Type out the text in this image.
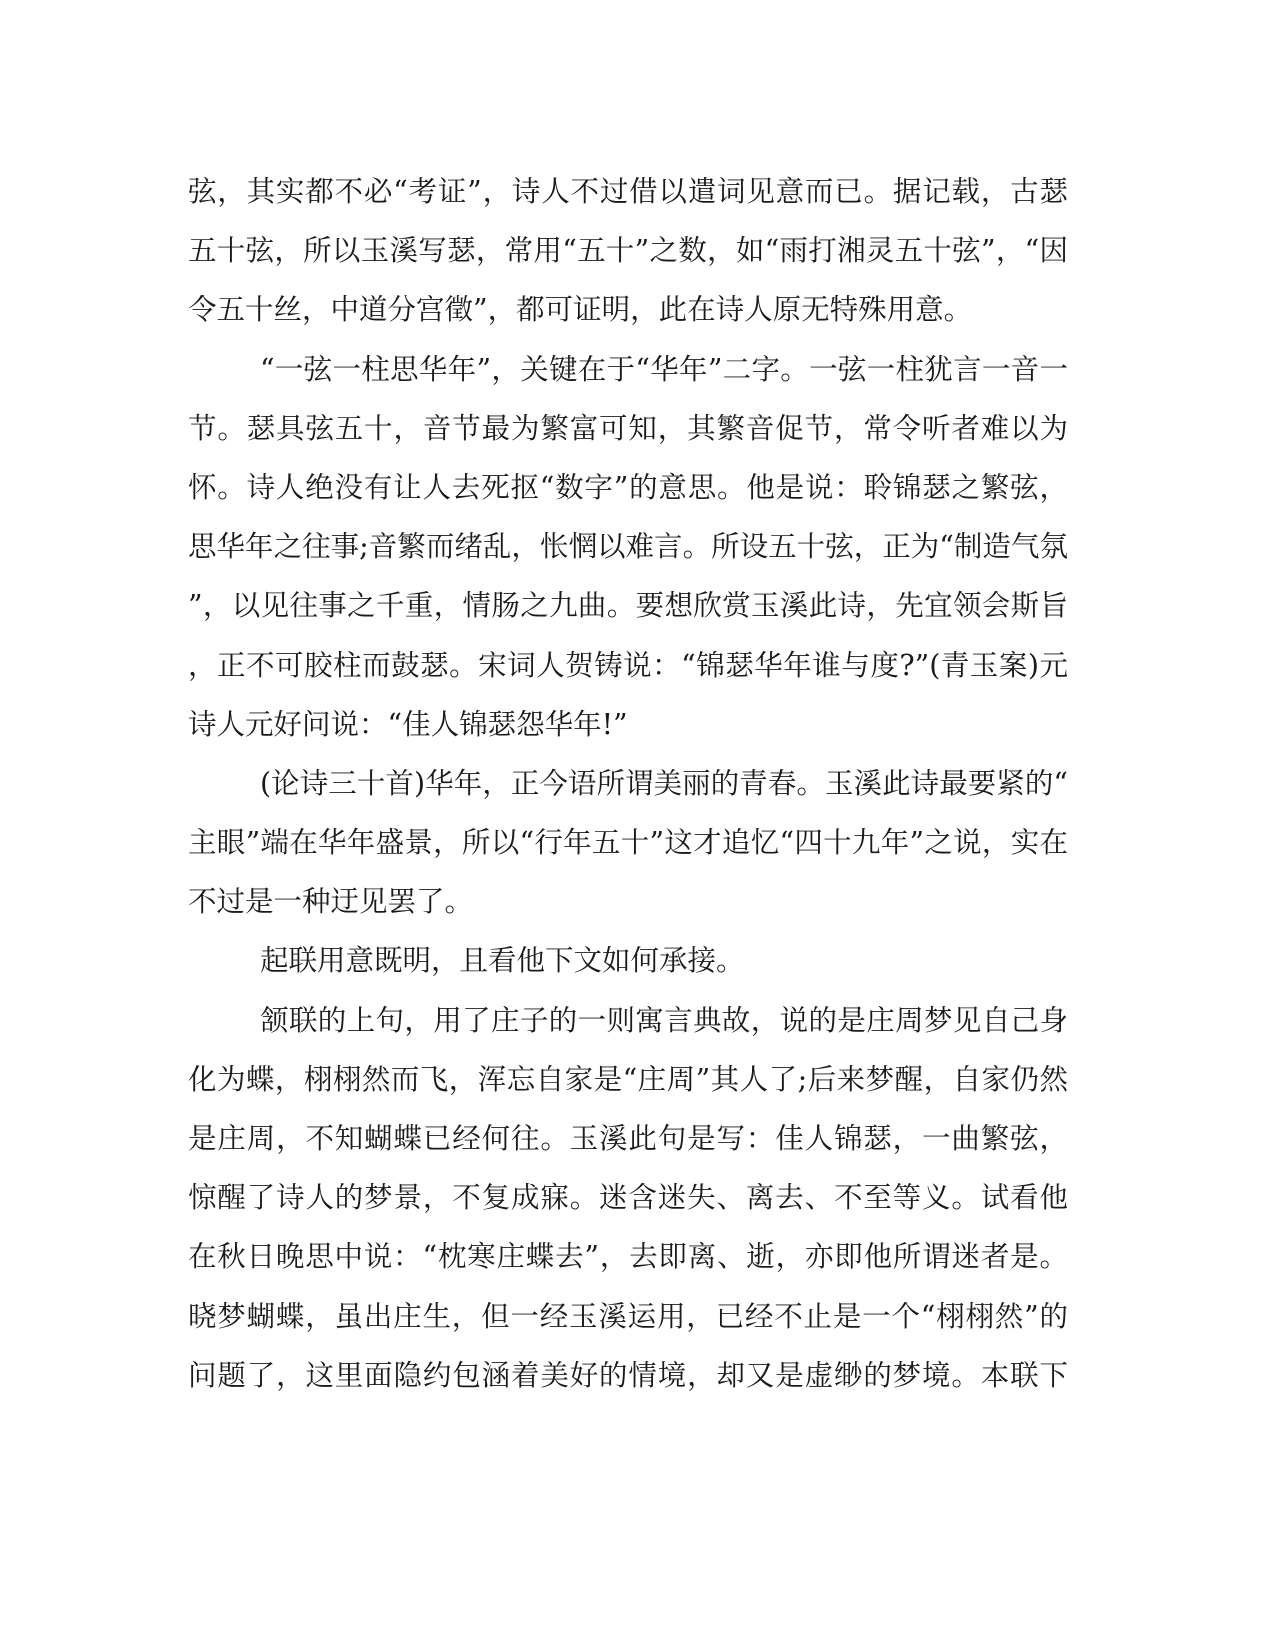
弦，其实都不必“考证”，诗人不过借以遣词见意而已。据记载，古瑟
五十弦，所以玉溪写瑟，常用“五十”之数，如“雨打湘灵五十弦”，“因
令五十丝，中道分宫徵”，都可证明，此在诗人原无特殊用意。
“一弦一柱思华年”，关键在于“华年”二字。一弦一柱犹言一音一
节。瑟具弦五十，音节最为繁富可知，其繁音促节，常令听者难以为
怀。诗人绝没有让人去死抠“数字”的意思。他是说：聆锦瑟之繁弦，
思华年之往事;音繁而绪乱，怅惘以难言。所设五十弦，正为“制造气氛
”，以见往事之千重，情肠之九曲。要想欣赏玉溪此诗，先宜领会斯旨
，正不可胶柱而鼓瑟。宋词人贺铸说：“锦瑟华年谁与度?”(青玉案)元
诗人元好问说：“佳人锦瑟怨华年!”
(论诗三十首)华年，正今语所谓美丽的青春。玉溪此诗最要紧的“
主眼”端在华年盛景，所以“行年五十”这才追忆“四十九年”之说，实在
不过是一种迂见罢了。
起联用意既明，且看他下文如何承接。
颔联的上句，用了庄子的一则寓言典故，说的是庄周梦见自己身
化为蝶，栩栩然而飞，浑忘自家是“庄周”其人了;后来梦醒，自家仍然
是庄周，不知蝴蝶已经何往。玉溪此句是写：佳人锦瑟，一曲繁弦，
惊醒了诗人的梦景，不复成寐。迷含迷失、离去、不至等义。试看他
在秋日晚思中说：“枕寒庄蝶去”，去即离、逝，亦即他所谓迷者是。
晓梦蝴蝶，虽出庄生，但一经玉溪运用，已经不止是一个“栩栩然”的
问题了，这里面隐约包涵着美好的情境，却又是虚缈的梦境。本联下
